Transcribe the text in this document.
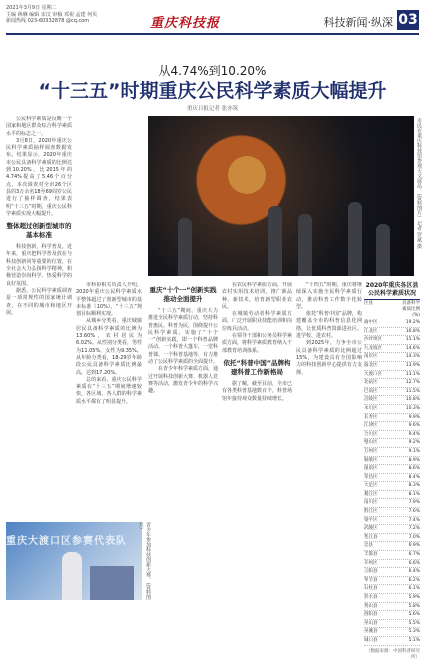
2021年3月9日 星期二
主编 蒋琳 编辑 宋汶 审稿 邓祝 孟建 何贝
新闻热线 023-60332878 @cq.com	重庆科技报	科技新闻·纵深 03
从4.74%到10.20%
“十三五”时期重庆公民科学素质大幅提升
重庆日报记者 张亦筑
市民在重庆科技馆参观天文展品。（资料图片）记者 罗斌 摄

公民科学素质是反映一个国家和地区群众综合科学素质水平的标志之一。

3月8日，2020年重庆公民科学素质抽样调查数据发布。结果显示，2020年重庆市公民具备科学素质的比例达到10.20%，比2015年的4.74%提高了5.46个百分点。本次调查对全市26个区县的3万余名18至69周岁公民进行了抽样调查，结果表明“十三五”时期，重庆公民科学素质实现大幅提升。

整体超过创新型城市的基本标准

科技创新，科学普及。近年来，重庆把科学普及放在与科技创新同等重要的位置，在全社会大力弘扬科学精神，积极营造崇尚科学、热爱科学的良好氛围。

据悉，公民科学素质调查是一项常规性的国家统计调查，在不同的城市和地区开展。

市科协相关负责人介绍，2020年重庆公民科学素质水平整体超过了创新型城市的基本标准（10%），“十三五”规划目标顺利实现。

从城乡分类看，重庆城镇居民具备科学素质的比例为13.60%，农村居民为6.02%。从性别分类看，男性为11.05%，女性为9.35%。从年龄分类看，18-29岁年龄段公民具备科学素质比例最高，达到17.20%。

总的来看，重庆公民科学素质在“十三五”期间增速较快，各区域、各人群的科学素质水平都有了明显提升。

重庆“十个一”创新实践推动全面提升

“十三五”期间，重庆大力推进全民科学素质行动，坚持科普惠民、科普为民，围绕提升公民科学素质，实施了“十个一”创新实践，即一个科普品牌活动、一个科普大篷车、一堂科普课、一个科普基地等，有力推动了公民科学素质的全面提升。

在青少年科学素质方面，通过开展科技创新大赛、机器人竞赛等活动，激发青少年的科学兴趣。

在农民科学素质方面，开展农村实用技术培训，推广新品种、新技术，培育新型职业农民。

在城镇劳动者科学素质方面，广泛开展职业技能培训和岗位练兵活动。

在领导干部和公务员科学素质方面，将科学素质教育纳入干部教育培训体系。

依托“科普中国”品牌构建科普工作新格局

据了解，截至目前，全市已有各类科普基地数百个，科普场馆年接待观众数量持续增长。

“十四五”时期，重庆将继续深入实施全民科学素质行动，推动科普工作数字化转型。

依托“科普中国”品牌，构建覆盖全市的科普信息化网络，让优质科普资源进社区、进学校、进农村。

到2025年，力争全市公民具备科学素质的比例超过15%，为建设具有全国影响力的科技创新中心提供有力支撑。

重庆大渡口区参赛代表队	青少年参加科技创新大赛。（资料图片）
2020年重庆各区县公民科学素质状况
区县	具备科学素质比例(%)
渝中区	19.2%
江北区	16.8%
沙坪坝区	15.1%
九龙坡区	14.6%
南岸区	14.3%
渝北区	13.9%
大渡口区	13.1%
北碚区	12.7%
巴南区	11.5%
涪陵区	10.8%
永川区	10.3%
长寿区	9.9%
江津区	9.6%
合川区	9.4%
璧山区	9.2%
万州区	9.1%
铜梁区	8.9%
潼南区	8.6%
荣昌区	8.4%
大足区	8.3%
綦江区	8.1%
南川区	7.9%
黔江区	7.6%
梁平区	7.4%
武隆区	7.2%
垫江县	7.0%
忠县	6.9%
丰都县	6.7%
开州区	6.6%
云阳县	6.4%
奉节县	6.2%
石柱县	6.1%
彭水县	5.9%
秀山县	5.8%
酉阳县	5.6%
巫山县	5.5%
巫溪县	5.3%
城口县	5.1%
（数据来源：中国科普研究所）
